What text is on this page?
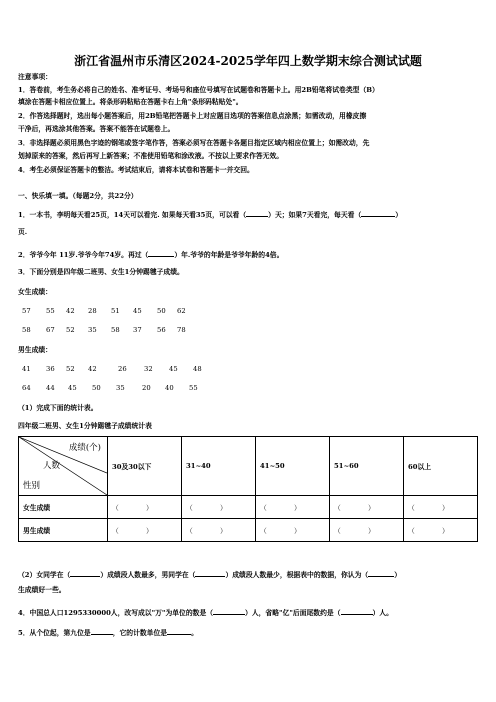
浙江省温州市乐清区2024-2025学年四上数学期末综合测试试题
注意事项：
1．答卷前，考生务必将自己的姓名、准考证号、考场号和座位号填写在试题卷和答题卡上。用2B铅笔将试卷类型（B）
填涂在答题卡相应位置上。将条形码粘贴在答题卡右上角"条形码粘贴处"。
2．作答选择题时，选出每小题答案后，用2B铅笔把答题卡上对应题目选项的答案信息点涂黑；如需改动，用橡皮擦
干净后，再选涂其他答案。答案不能答在试题卷上。
3．非选择题必须用黑色字迹的钢笔或签字笔作答，答案必须写在答题卡各题目指定区域内相应位置上；如需改动，先
划掉原来的答案，然后再写上新答案；不准使用铅笔和涂改液。不按以上要求作答无效。
4．考生必须保证答题卡的整洁。考试结束后，请将本试卷和答题卡一并交回。
一、快乐填一填。（每题2分，共22分）
1．一本书，李明每天看25页，14天可以看完. 如果每天看35页，可以看（	）天；如果7天看完，每天看（	）
页.
2．爷爷今年 11岁.爷爷今年74岁。再过（	）年.爷爷的年龄是爷爷年龄的4倍。
3．下面分别是四年级二班男、女生1分钟踢毽子成绩。
女生成绩：
57 55 42 28 51 45 50 62
58 67 52 35 58 37 56 78
男生成绩：
41 36 52 42	26	32 45 48
64 44 45 50 35	20 40 55
（1）完成下面的统计表。
四年级二班男、女生1分钟踢毽子成绩统计表
成绩(个)
人数
性别	30及30以下	31~40	41~50	51~60	60以上
女生成绩	（　　　　）	（　　　　）	（　　　　）	（　　　　）	（　　　　）
男生成绩	（　　　　）	（　　　　）	（　　　　）	（　　　　）	（　　　　）
（2）女同学在（	）成绩段人数最多，男同学在（	）成绩段人数最少，根据表中的数据，你认为（	）
生成绩好一些。
4．中国总人口1295330000人，改写成以"万"为单位的数是（	）人，省略"亿"后面尾数约是（	）人。
5．从个位起，第九位是	，它的计数单位是	。
